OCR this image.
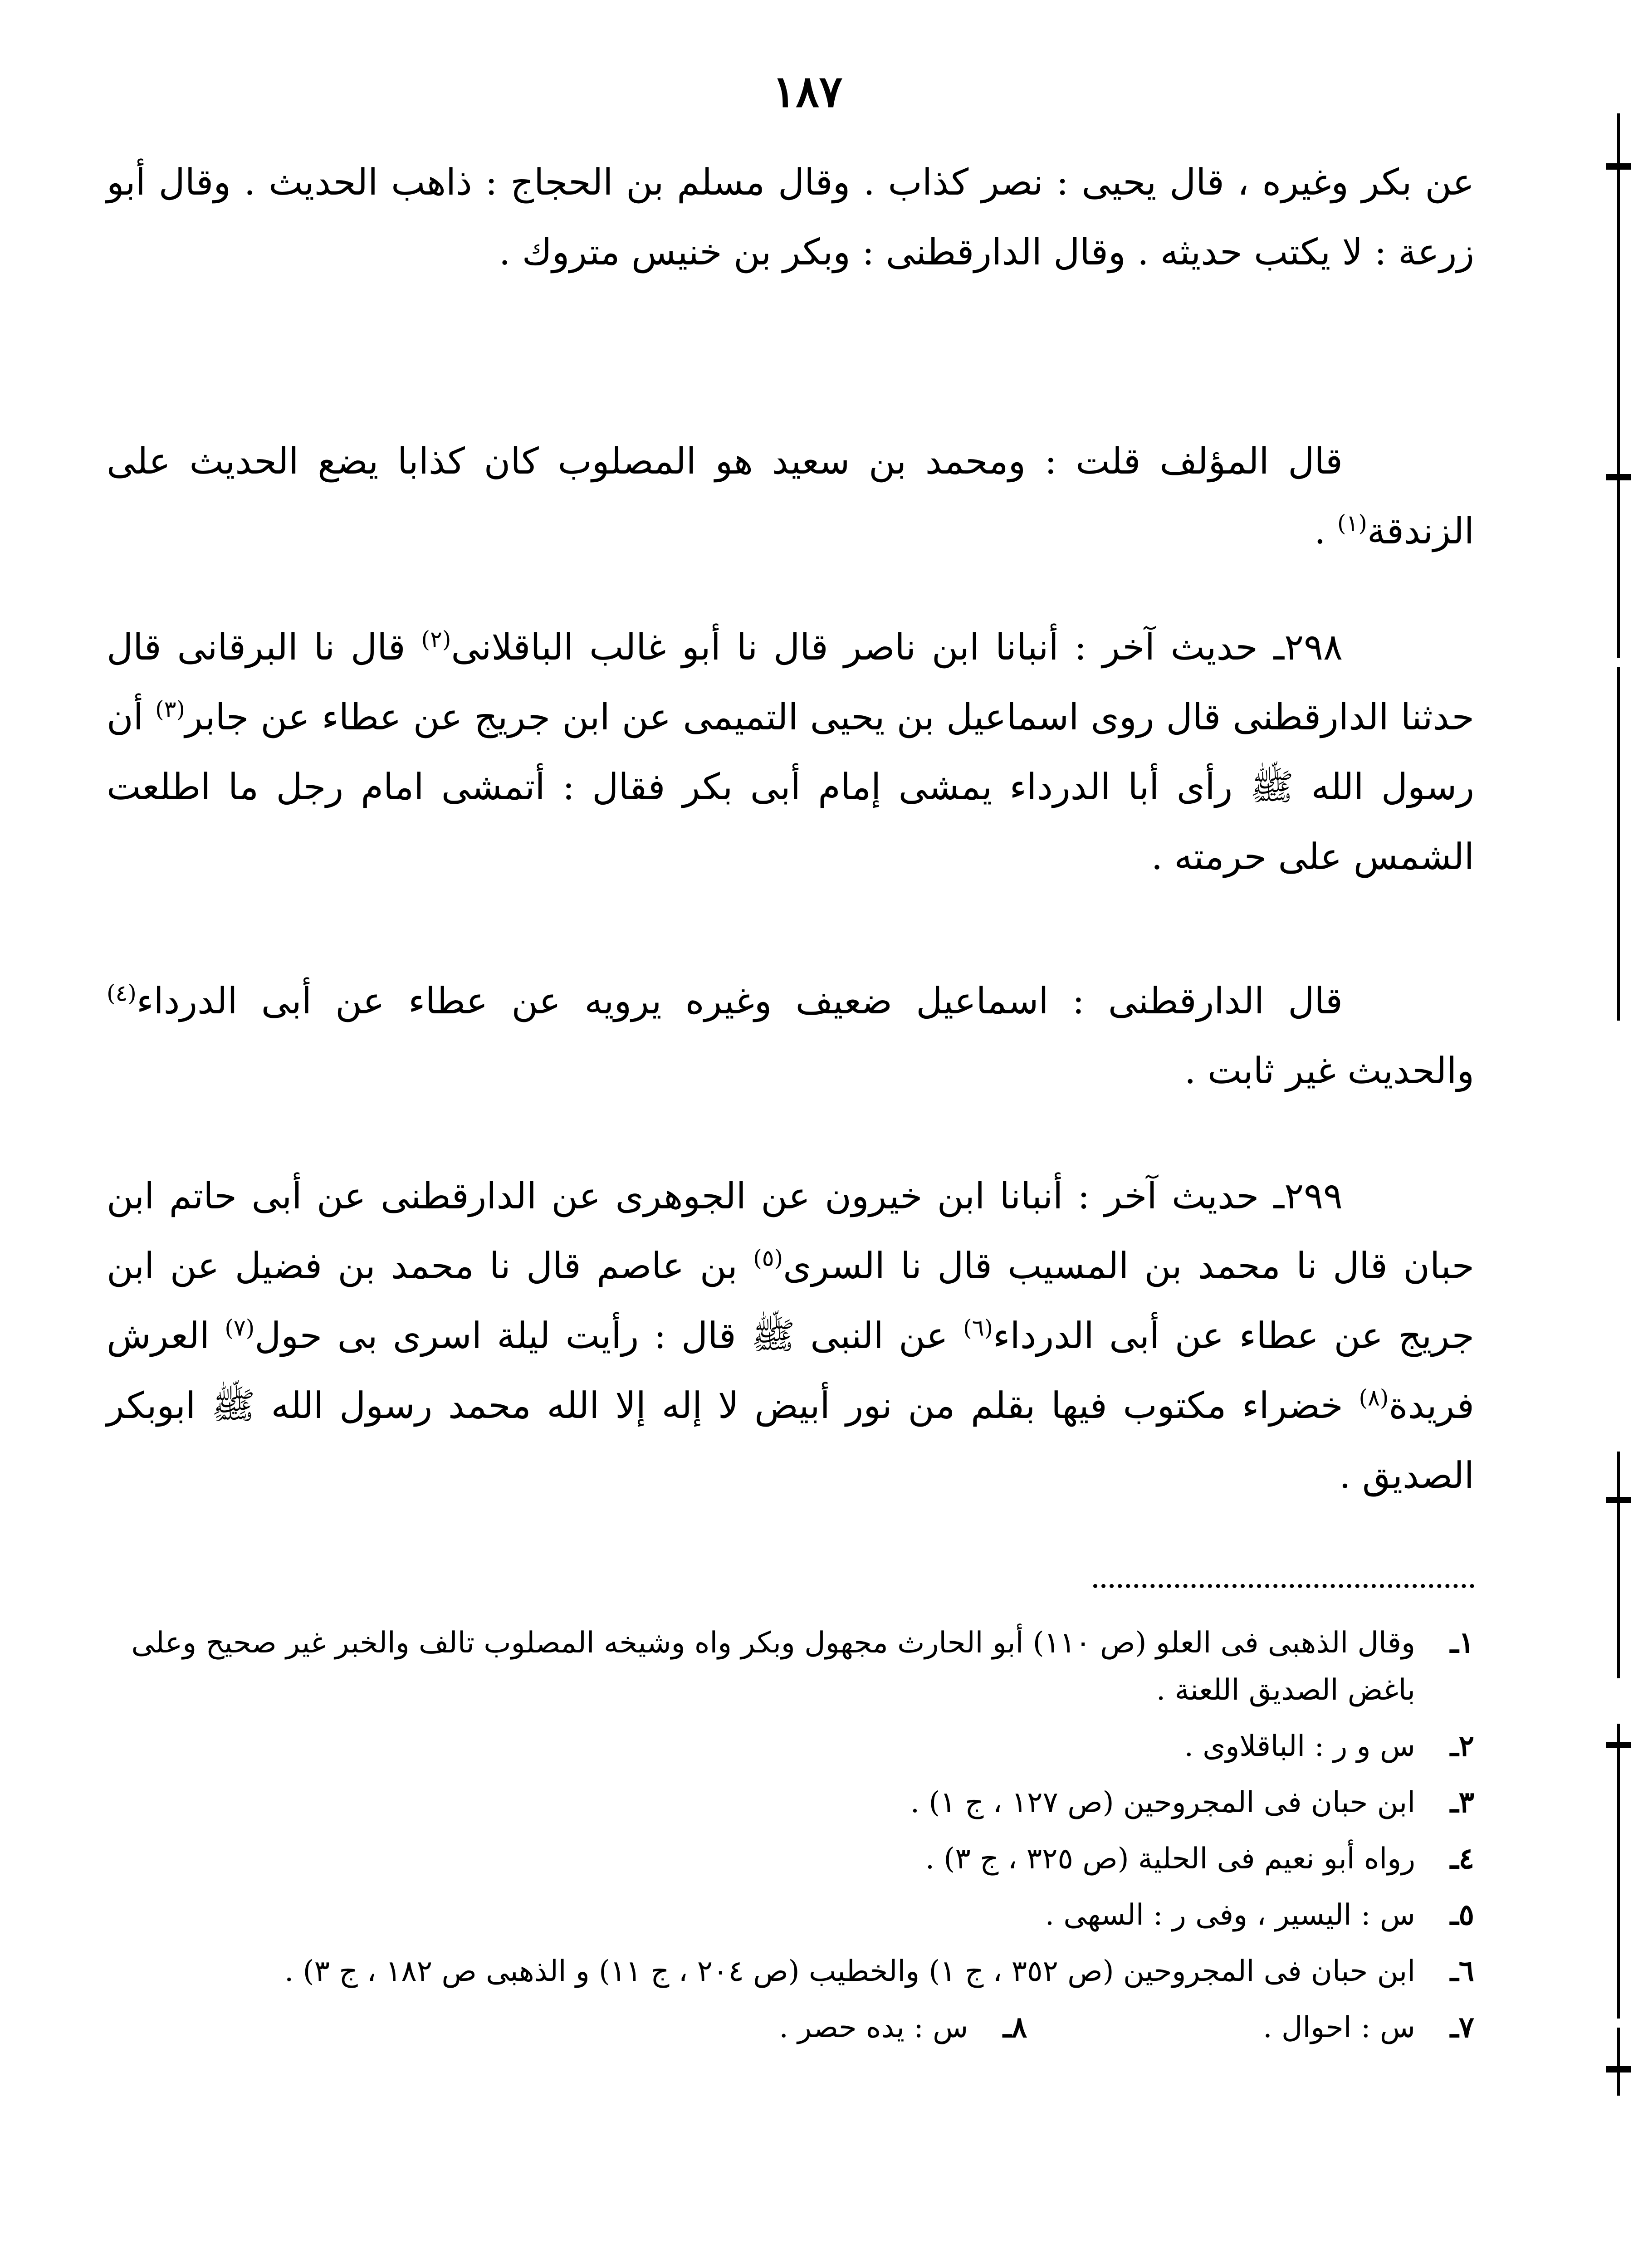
١٨٧
عن بكر وغيره ، قال يحيى : نصر كذاب . وقال مسلم بن الحجاج : ذاهب الحديث . وقال أبو زرعة : لا يكتب حديثه . وقال الدارقطنى : وبكر بن خنيس متروك .
قال المؤلف قلت : ومحمد بن سعيد هو المصلوب كان كذابا يضع الحديث على الزندقة$^{(١)}$ .
٢٩٨ـ حديث آخر : أنبانا ابن ناصر قال نا أبو غالب الباقلانى$^{(٢)}$ قال نا البرقانى قال حدثنا الدارقطنى قال روى اسماعيل بن يحيى التميمى عن ابن جريج عن عطاء عن جابر$^{(٣)}$ أن رسول الله ﷺ رأى أبا الدرداء يمشى إمام أبى بكر فقال : أتمشى امام رجل ما اطلعت الشمس على حرمته .
قال الدارقطنى : اسماعيل ضعيف وغيره يرويه عن عطاء عن أبى الدرداء$^{(٤)}$ والحديث غير ثابت .
٢٩٩ـ حديث آخر : أنبانا ابن خيرون عن الجوهرى عن الدارقطنى عن أبى حاتم ابن حبان قال نا محمد بن المسيب قال نا السرى$^{(٥)}$ بن عاصم قال نا محمد بن فضيل عن ابن جريج عن عطاء عن أبى الدرداء$^{(٦)}$ عن النبى ﷺ قال : رأيت ليلة اسرى بى حول$^{(٧)}$ العرش فريدة$^{(٨)}$ خضراء مكتوب فيها بقلم من نور أبيض لا إله إلا الله محمد رسول الله ﷺ ابوبكر الصديق .
١ـ
وقال الذهبى فى العلو (ص ١١٠) أبو الحارث مجهول وبكر واه وشيخه المصلوب تالف والخبر غير صحيح وعلى باغض الصديق اللعنة .
٢ـ
س و ر : الباقلاوى .
٣ـ
ابن حبان فى المجروحين (ص ١٢٧ ، ج ١) .
٤ـ
رواه أبو نعيم فى الحلية (ص ٣٢٥ ، ج ٣) .
٥ـ
س : اليسير ، وفى ر : السهى .
٦ـ
ابن حبان فى المجروحين (ص ٣٥٢ ، ج ١) والخطيب (ص ٢٠٤ ، ج ١١) و الذهبى ص ١٨٢ ، ج ٣) .
٧ـ
س : احوال .
٨ـ
س : يده حصر .
